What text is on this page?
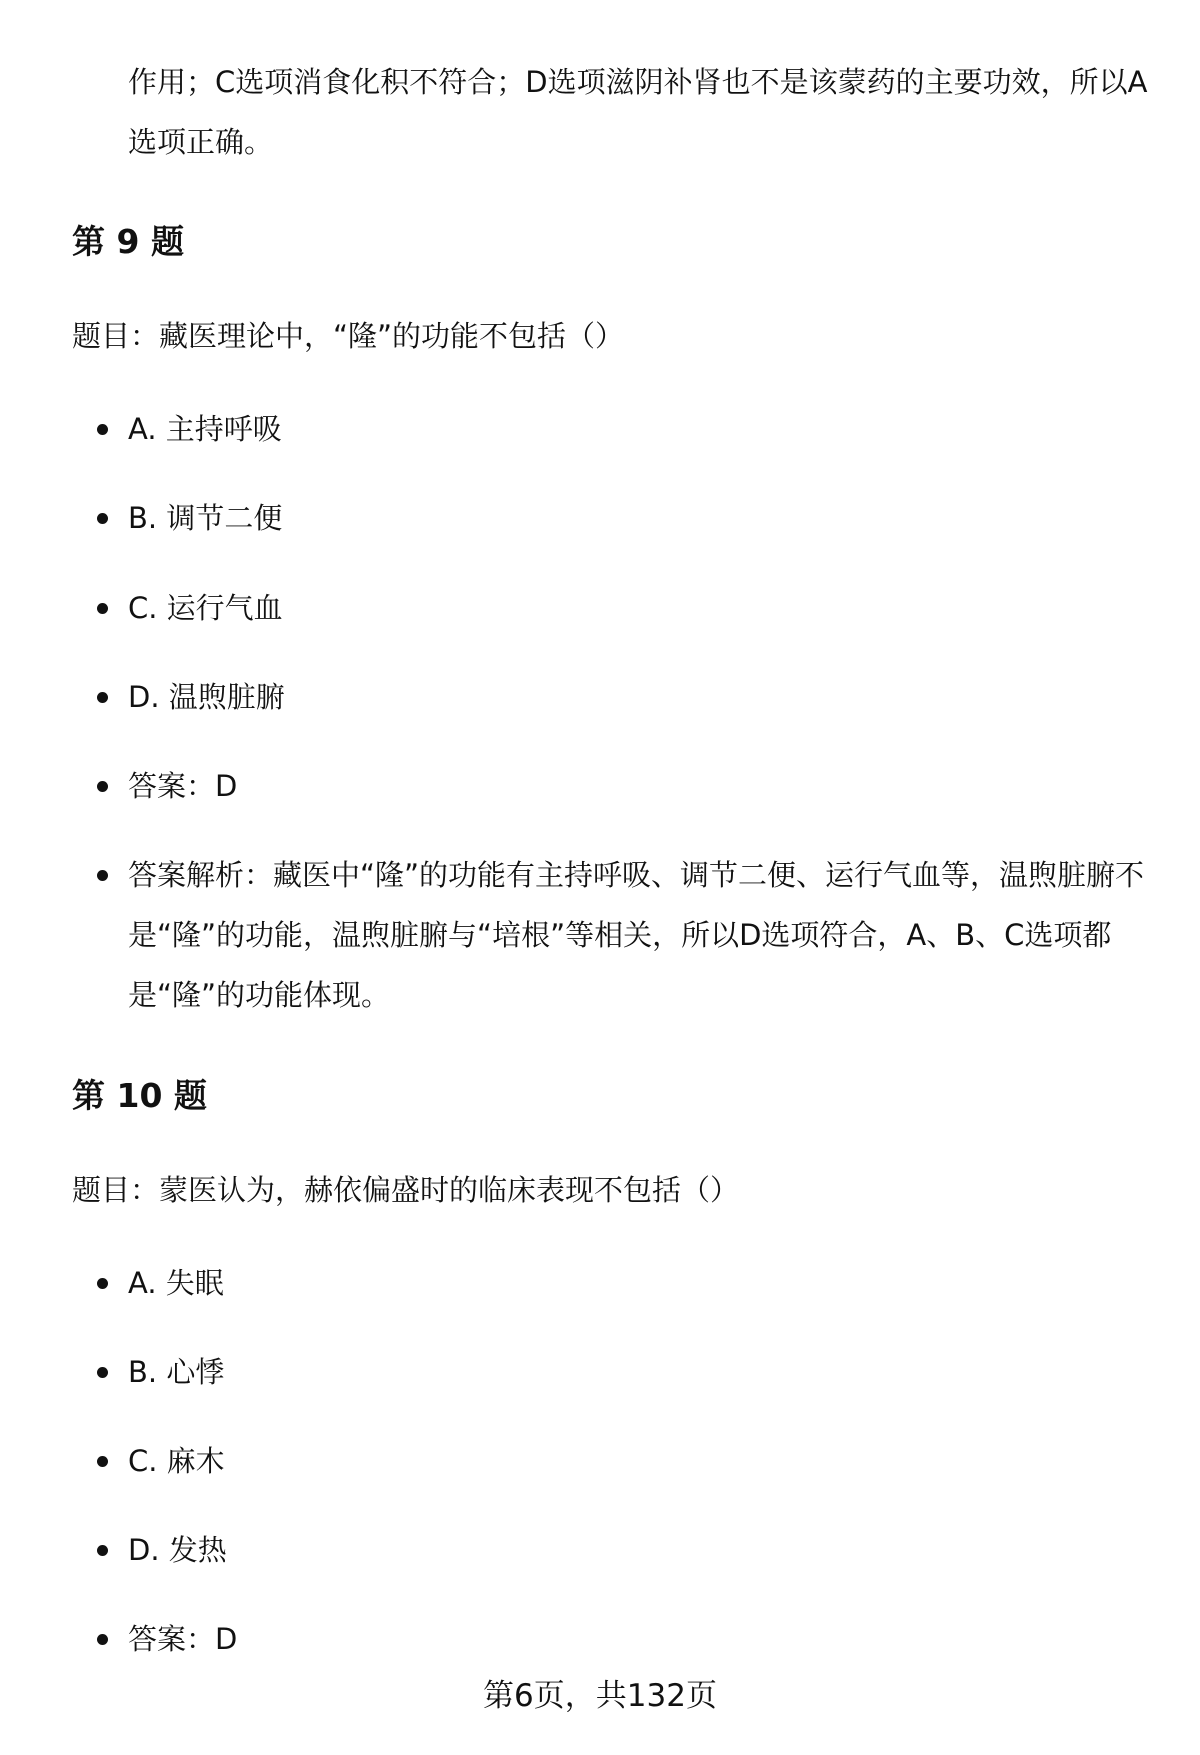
作用；C选项消食化积不符合；D选项滋阴补肾也不是该蒙药的主要功效，所以A选项正确。

第 9 题

题目：藏医理论中，“隆”的功能不包括（）

A. 主持呼吸
B. 调节二便
C. 运行气血
D. 温煦脏腑
答案：D
答案解析：藏医中“隆”的功能有主持呼吸、调节二便、运行气血等，温煦脏腑不是“隆”的功能，温煦脏腑与“培根”等相关，所以D选项符合，A、B、C选项都是“隆”的功能体现。
第 10 题

题目：蒙医认为，赫依偏盛时的临床表现不包括（）

A. 失眠
B. 心悸
C. 麻木
D. 发热
答案：D
第6页，共132页
